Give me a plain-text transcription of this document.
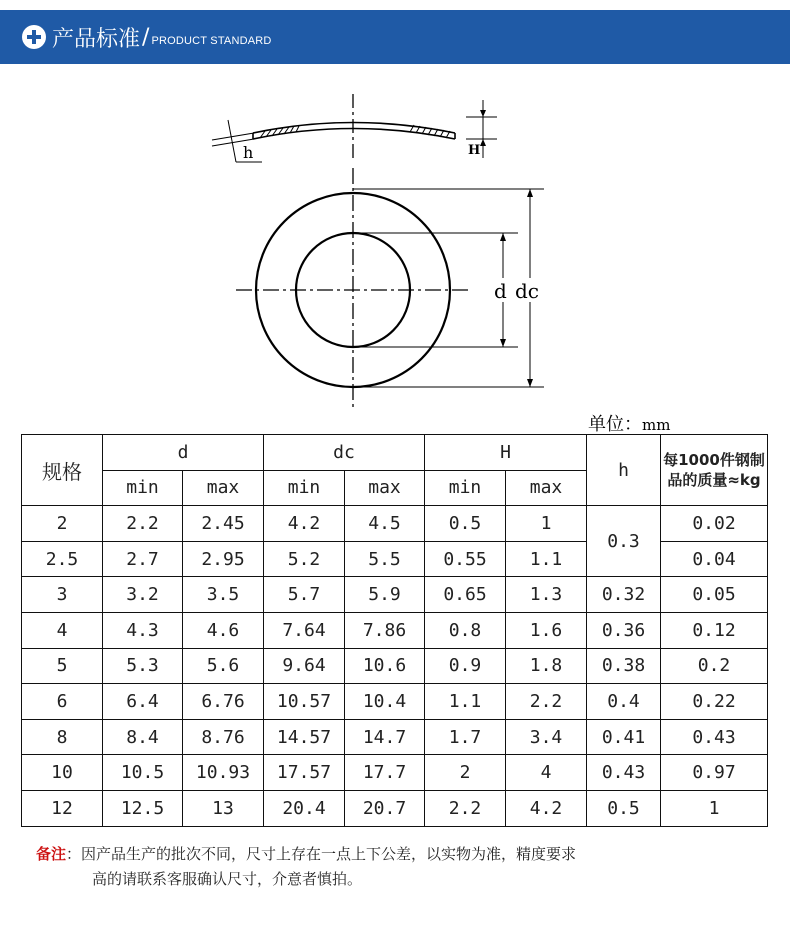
产品标准 / PRODUCT STANDARD
H
h
d dc
单位：mm
规格	d		dc		H		h	每1000件钢制品的质量≈kg
	min	max	min	max	min	max		
2	2.2	2.45	4.2	4.5	0.5	1	0.3	0.02
2.5	2.7	2.95	5.2	5.5	0.55	1.1		0.04
3	3.2	3.5	5.7	5.9	0.65	1.3	0.32	0.05
4	4.3	4.6	7.64	7.86	0.8	1.6	0.36	0.12
5	5.3	5.6	9.64	10.6	0.9	1.8	0.38	0.2
6	6.4	6.76	10.57	10.4	1.1	2.2	0.4	0.22
8	8.4	8.76	14.57	14.7	1.7	3.4	0.41	0.43
10	10.5	10.93	17.57	17.7	2	4	0.43	0.97
12	12.5	13	20.4	20.7	2.2	4.2	0.5	1
备注：因产品生产的批次不同，尺寸上存在一点上下公差，以实物为准，精度要求
高的请联系客服确认尺寸，介意者慎拍。
